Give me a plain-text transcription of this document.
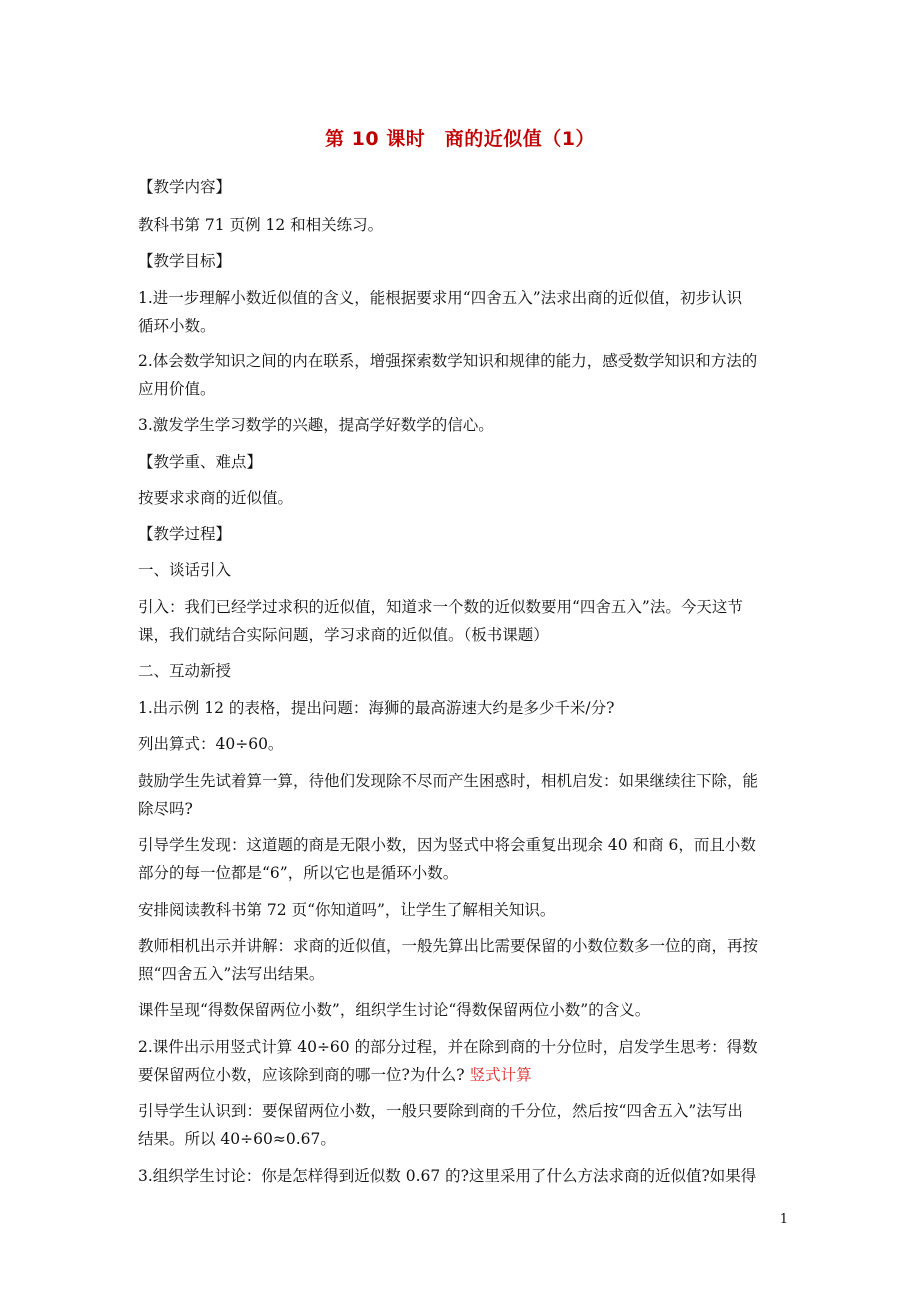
第 10 课时　商的近似值（1）
【教学内容】
教科书第 71 页例 12 和相关练习。
【教学目标】
1.进一步理解小数近似值的含义，能根据要求用“四舍五入”法求出商的近似值，初步认识
循环小数。
2.体会数学知识之间的内在联系，增强探索数学知识和规律的能力，感受数学知识和方法的
应用价值。
3.激发学生学习数学的兴趣，提高学好数学的信心。
【教学重、难点】
按要求求商的近似值。
【教学过程】
一、谈话引入
引入：我们已经学过求积的近似值，知道求一个数的近似数要用“四舍五入”法。今天这节
课，我们就结合实际问题，学习求商的近似值。（板书课题）
二、互动新授
1.出示例 12 的表格，提出问题：海狮的最高游速大约是多少千米/分?
列出算式：40÷60。
鼓励学生先试着算一算，待他们发现除不尽而产生困惑时，相机启发：如果继续往下除，能
除尽吗?
引导学生发现：这道题的商是无限小数，因为竖式中将会重复出现余 40 和商 6，而且小数
部分的每一位都是“6”，所以它也是循环小数。
安排阅读教科书第 72 页“你知道吗”，让学生了解相关知识。
教师相机出示并讲解：求商的近似值，一般先算出比需要保留的小数位数多一位的商，再按
照“四舍五入”法写出结果。
课件呈现“得数保留两位小数”，组织学生讨论“得数保留两位小数”的含义。
2.课件出示用竖式计算 40÷60 的部分过程，并在除到商的十分位时，启发学生思考：得数
要保留两位小数，应该除到商的哪一位?为什么? 竖式计算
引导学生认识到：要保留两位小数，一般只要除到商的千分位，然后按“四舍五入”法写出
结果。所以 40÷60≈0.67。
3.组织学生讨论：你是怎样得到近似数 0.67 的?这里采用了什么方法求商的近似值?如果得
1
